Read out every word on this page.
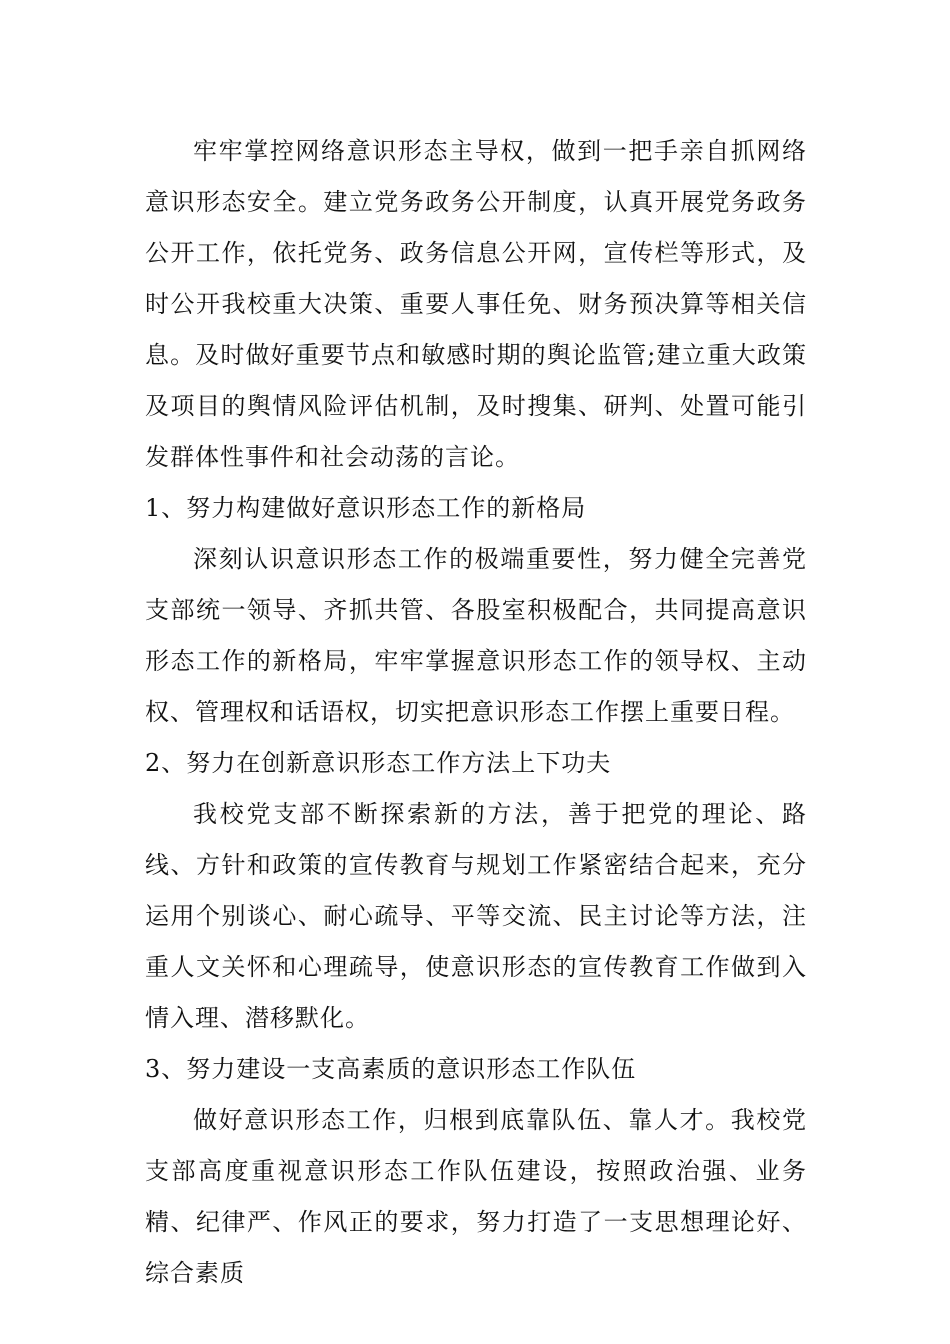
牢牢掌控网络意识形态主导权，做到一把手亲自抓网络意识形态安全。建立党务政务公开制度，认真开展党务政务公开工作，依托党务、政务信息公开网，宣传栏等形式，及时公开我校重大决策、重要人事任免、财务预决算等相关信息。及时做好重要节点和敏感时期的舆论监管;建立重大政策及项目的舆情风险评估机制，及时搜集、研判、处置可能引发群体性事件和社会动荡的言论。

1、努力构建做好意识形态工作的新格局

深刻认识意识形态工作的极端重要性，努力健全完善党支部统一领导、齐抓共管、各股室积极配合，共同提高意识形态工作的新格局，牢牢掌握意识形态工作的领导权、主动权、管理权和话语权，切实把意识形态工作摆上重要日程。

2、努力在创新意识形态工作方法上下功夫

我校党支部不断探索新的方法，善于把党的理论、路线、方针和政策的宣传教育与规划工作紧密结合起来，充分运用个别谈心、耐心疏导、平等交流、民主讨论等方法，注重人文关怀和心理疏导，使意识形态的宣传教育工作做到入情入理、潜移默化。

3、努力建设一支高素质的意识形态工作队伍

做好意识形态工作，归根到底靠队伍、靠人才。我校党支部高度重视意识形态工作队伍建设，按照政治强、业务精、纪律严、作风正的要求，努力打造了一支思想理论好、综合素质
